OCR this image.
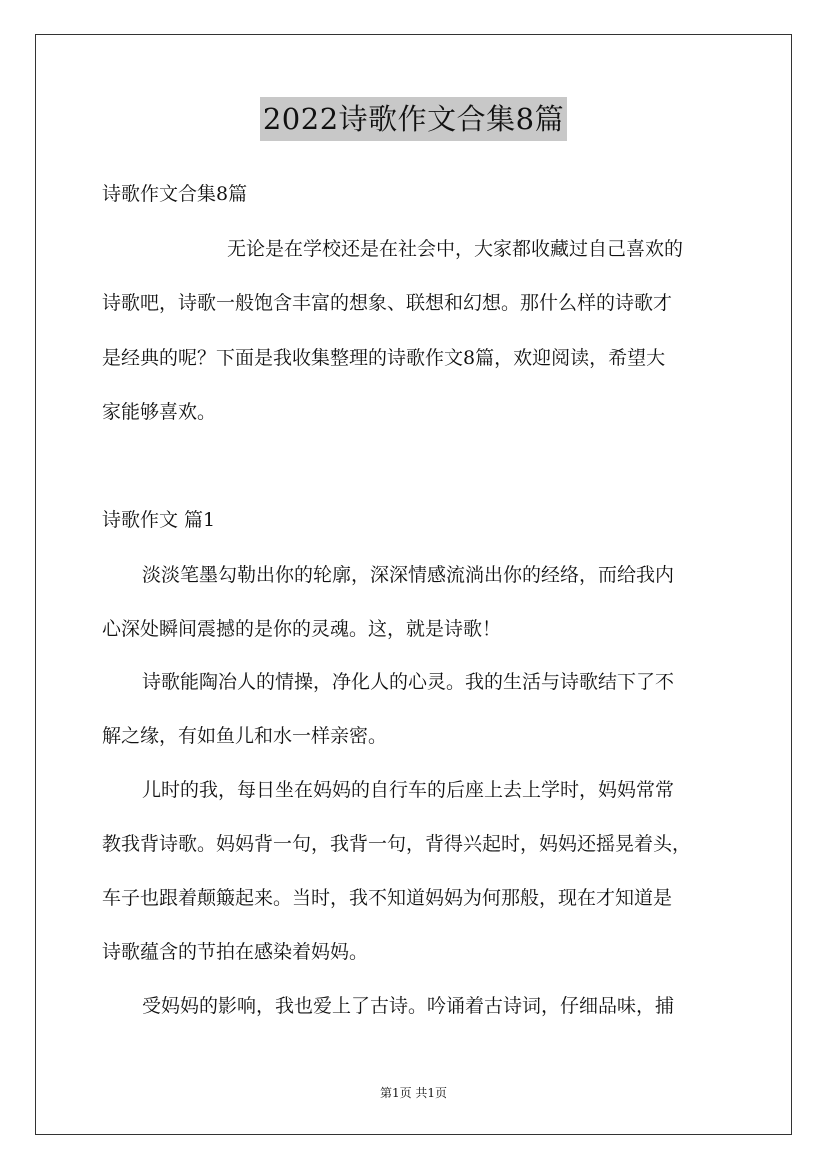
2022诗歌作文合集8篇
诗歌作文合集8篇
无论是在学校还是在社会中，大家都收藏过自己喜欢的
诗歌吧，诗歌一般饱含丰富的想象、联想和幻想。那什么样的诗歌才
是经典的呢？下面是我收集整理的诗歌作文8篇，欢迎阅读，希望大
家能够喜欢。
诗歌作文 篇1
淡淡笔墨勾勒出你的轮廓，深深情感流淌出你的经络，而给我内
心深处瞬间震撼的是你的灵魂。这，就是诗歌！
诗歌能陶冶人的情操，净化人的心灵。我的生活与诗歌结下了不
解之缘，有如鱼儿和水一样亲密。
儿时的我，每日坐在妈妈的自行车的后座上去上学时，妈妈常常
教我背诗歌。妈妈背一句，我背一句，背得兴起时，妈妈还摇晃着头，
车子也跟着颠簸起来。当时，我不知道妈妈为何那般，现在才知道是
诗歌蕴含的节拍在感染着妈妈。
受妈妈的影响，我也爱上了古诗。吟诵着古诗词，仔细品味，捕
第1页 共1页
